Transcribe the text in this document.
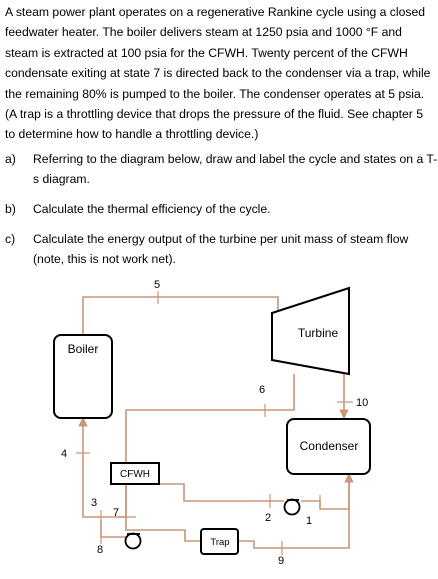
A steam power plant operates on a regenerative Rankine cycle using a closed feedwater heater. The boiler delivers steam at 1250 psia and 1000 °F and steam is extracted at 100 psia for the CFWH. Twenty percent of the CFWH condensate exiting at state 7 is directed back to the condenser via a trap, while the remaining 80% is pumped to the boiler. The condenser operates at 5 psia. (A trap is a throttling device that drops the pressure of the fluid. See chapter 5 to determine how to handle a throttling device.)

a) Referring to the diagram below, draw and label the cycle and states on a T-s diagram.
b) Calculate the thermal efficiency of the cycle.
c) Calculate the energy output of the turbine per unit mass of steam flow (note, this is not work net).
Boiler
Turbine
Condenser
CFWH
Trap
5
6
10
4
3
7
8
2	1
9
